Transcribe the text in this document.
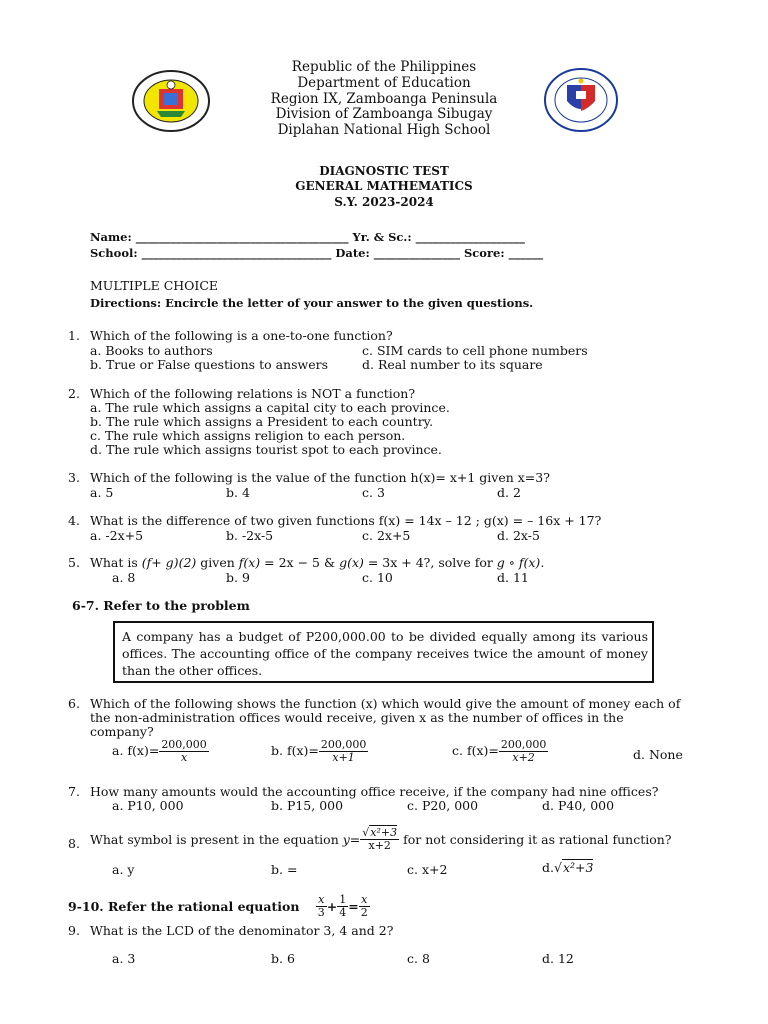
Republic of the Philippines
Department of Education
Region IX, Zamboanga Peninsula
Division of Zamboanga Sibugay
Diplahan National High School
DIAGNOSTIC TEST
GENERAL MATHEMATICS
S.Y. 2023-2024
Name: _____________________________________ Yr. & Sc.: ___________________
School: _________________________________ Date: _______________ Score: ______
MULTIPLE CHOICE
Directions: Encircle the letter of your answer to the given questions.
1. Which of the following is a one-to-one function?
a. Books to authors	c. SIM cards to cell phone numbers
b. True or False questions to answers	d. Real number to its square
2. Which of the following relations is NOT a function?
a. The rule which assigns a capital city to each province.
b. The rule which assigns a President to each country.
c. The rule which assigns religion to each person.
d. The rule which assigns tourist spot to each province.
3. Which of the following is the value of the function h(x)= x+1 given x=3?
a. 5	b. 4	c. 3	d. 2
4. What is the difference of two given functions f(x) = 14x – 12 ; g(x) = – 16x + 17?
a. -2x+5	b. -2x-5	c. 2x+5	d. 2x-5
5. What is (f+ g)(2) given f(x) = 2x − 5 & g(x) = 3x + 4?, solve for g ∘ f(x).
a. 8	b. 9	c. 10	d. 11
6-7. Refer to the problem
A company has a budget of P200,000.00 to be divided equally among its various offices. The accounting office of the company receives twice the amount of money than the other offices.
6. Which of the following shows the function (x) which would give the amount of money each of
the non-administration offices would receive, given x as the number of offices in the
company?
a. $f(x)= \frac{200,000}{x}$	b. $f(x)= \frac{200,000}{x+1}$	c. $f(x)= \frac{200,000}{x+2}$	d. None
7. How many amounts would the accounting office receive, if the company had nine offices?
a. P10, 000	b. P15, 000	c. P20, 000	d. P40, 000
8. What symbol is present in the equation $y= \frac{\text{√x²+3}}{x+2}$ for not considering it as rational function?
a. y	b. =	c. x+2	d.√x²+3
9-10. Refer the rational equation $\frac{x}{3} + \frac{1}{4} = \frac{x}{2}$
9. What is the LCD of the denominator 3, 4 and 2?
a. 3	b. 6	c. 8	d. 12
